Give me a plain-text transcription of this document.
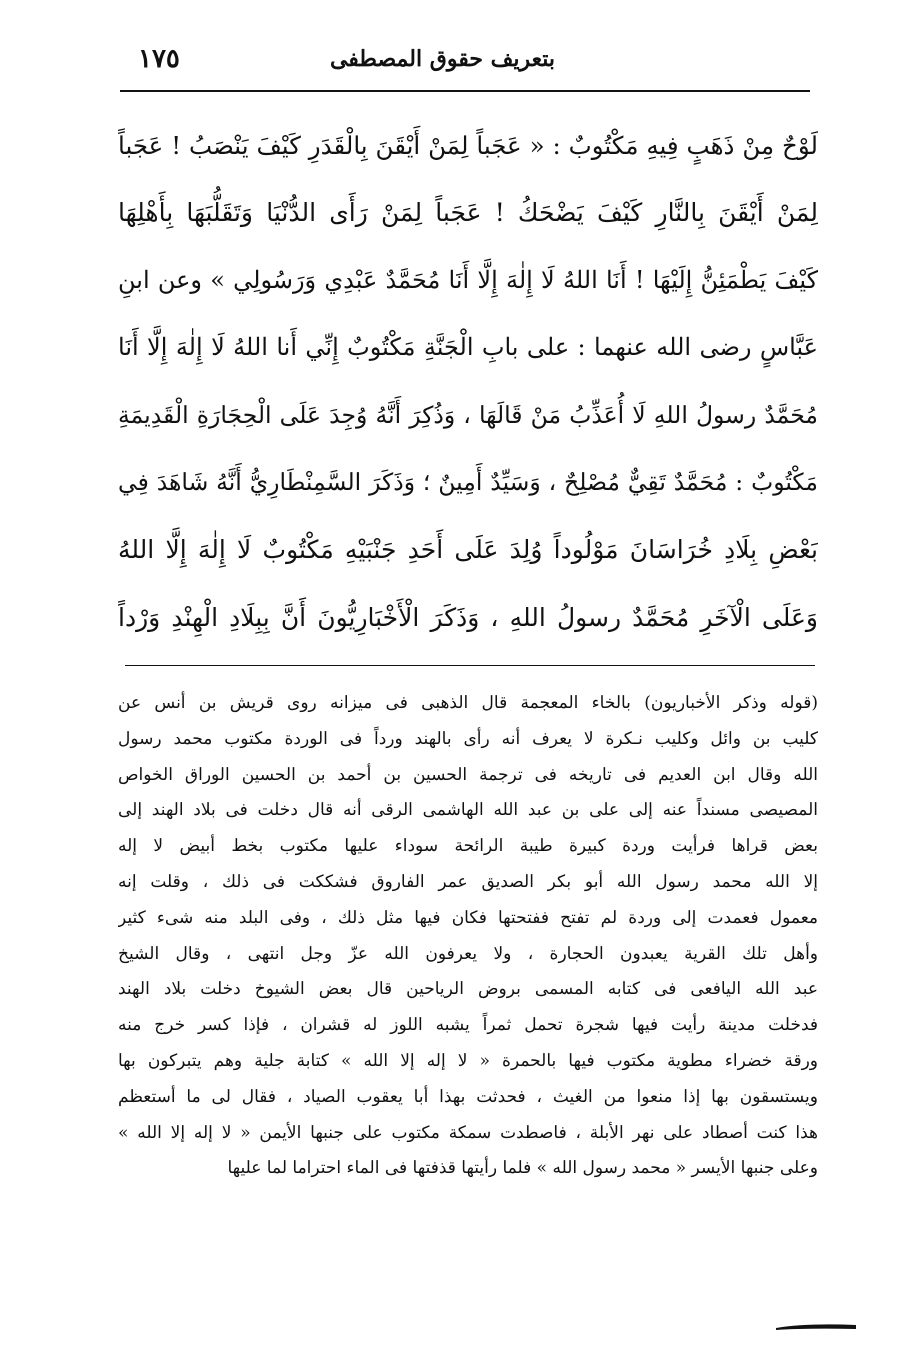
بتعريف حقوق المصطفى
١٧٥
لَوْحٌ مِنْ ذَهَبٍ فِيهِ مَكْتُوبٌ : « عَجَباً لِمَنْ أَيْقَنَ بِالْقَدَرِ كَيْفَ يَنْصَبُ ! عَجَباً
لِمَنْ أَيْقَنَ بِالنَّارِ كَيْفَ يَضْحَكُ ! عَجَباً لِمَنْ رَأَى الدُّنْيَا وَتَقَلُّبَهَا بِأَهْلِهَا
كَيْفَ يَطْمَئِنُّ إِلَيْهَا ! أَنَا اللهُ لَا إِلٰهَ إِلَّا أَنَا مُحَمَّدٌ عَبْدِي وَرَسُولِي » وعن ابنِ
عَبَّاسٍ رضى الله عنهما : على بابِ الْجَنَّةِ مَكْتُوبٌ إِنِّي أَنا اللهُ لَا إِلٰهَ إِلَّا أَنَا
مُحَمَّدٌ رسولُ اللهِ لَا أُعَذِّبُ مَنْ قَالَهَا ، وَذُكِرَ أَنَّهُ وُجِدَ عَلَى الْحِجَارَةِ الْقَدِيمَةِ
مَكْتُوبٌ : مُحَمَّدٌ تَقِيٌّ مُصْلِحٌ ، وَسَيِّدٌ أَمِينٌ ؛ وَذَكَرَ السَّمِنْطَارِيُّ أَنَّهُ شَاهَدَ فِي
بَعْضِ بِلَادِ خُرَاسَانَ مَوْلُوداً وُلِدَ عَلَى أَحَدِ جَنْبَيْهِ مَكْتُوبٌ لَا إِلٰهَ إِلَّا اللهُ
وَعَلَى الْآخَرِ مُحَمَّدٌ رسولُ اللهِ ، وَذَكَرَ الْأَخْبَارِيُّونَ أَنَّ بِبِلَادِ الْهِنْدِ وَرْداً
(قوله وذكر الأخباريون) بالخاء المعجمة قال الذهبى فى ميزانه روى قريش بن أنس عن
كليب بن وائل وكليب نـكرة لا يعرف أنه رأى بالهند ورداً فى الوردة مكتوب محمد رسول
الله وقال ابن العديم فى تاريخه فى ترجمة الحسين بن أحمد بن الحسين الوراق الخواص
المصيصى مسنداً عنه إلى على بن عبد الله الهاشمى الرقى أنه قال دخلت فى بلاد الهند إلى
بعض قراها فرأيت وردة كبيرة طيبة الرائحة سوداء عليها مكتوب بخط أبيض لا إله
إلا الله محمد رسول الله أبو بكر الصديق عمر الفاروق فشككت فى ذلك ، وقلت إنه
معمول فعمدت إلى وردة لم تفتح ففتحتها فكان فيها مثل ذلك ، وفى البلد منه شىء كثير
وأهل تلك القرية يعبدون الحجارة ، ولا يعرفون الله عزّ وجل انتهى ، وقال الشيخ
عبد الله اليافعى فى كتابه المسمى بروض الرياحين قال بعض الشيوخ دخلت بلاد الهند
فدخلت مدينة رأيت فيها شجرة تحمل ثمراً يشبه اللوز له قشران ، فإذا كسر خرج منه
ورقة خضراء مطوية مكتوب فيها بالحمرة « لا إله إلا الله » كتابة جلية وهم يتبركون بها
ويستسقون بها إذا منعوا من الغيث ، فحدثت بهذا أبا يعقوب الصياد ، فقال لى ما أستعظم
هذا كنت أصطاد على نهر الأبلة ، فاصطدت سمكة مكتوب على جنبها الأيمن « لا إله إلا الله »
وعلى جنبها الأيسر « محمد رسول الله » فلما رأيتها قذفتها فى الماء احتراما لما عليها
